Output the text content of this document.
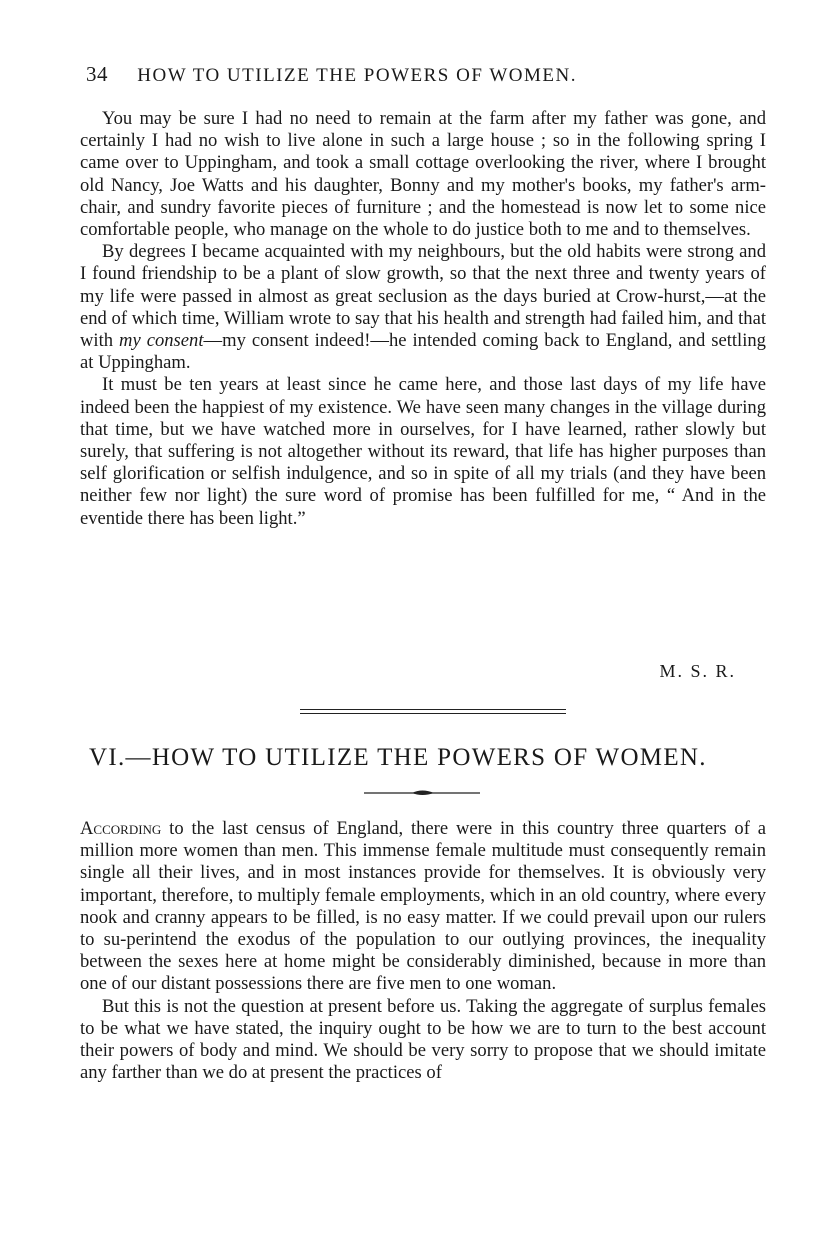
34 HOW TO UTILIZE THE POWERS OF WOMEN.

You may be sure I had no need to remain at the farm after my father was gone, and certainly I had no wish to live alone in such a large house ; so in the following spring I came over to Uppingham, and took a small cottage overlooking the river, where I brought old Nancy, Joe Watts and his daughter, Bonny and my mother's books, my father's arm-chair, and sundry favorite pieces of furniture ; and the homestead is now let to some nice comfortable people, who manage on the whole to do justice both to me and to themselves.

By degrees I became acquainted with my neighbours, but the old habits were strong and I found friendship to be a plant of slow growth, so that the next three and twenty years of my life were passed in almost as great seclusion as the days buried at Crow-hurst,—at the end of which time, William wrote to say that his health and strength had failed him, and that with my consent—my consent indeed!—he intended coming back to England, and settling at Uppingham.

It must be ten years at least since he came here, and those last days of my life have indeed been the happiest of my existence. We have seen many changes in the village during that time, but we have watched more in ourselves, for I have learned, rather slowly but surely, that suffering is not altogether without its reward, that life has higher purposes than self glorification or selfish indulgence, and so in spite of all my trials (and they have been neither few nor light) the sure word of promise has been fulfilled for me, “ And in the eventide there has been light.”

M. S. R.
VI.—HOW TO UTILIZE THE POWERS OF WOMEN.

According to the last census of England, there were in this country three quarters of a million more women than men. This immense female multitude must consequently remain single all their lives, and in most instances provide for themselves. It is obviously very important, therefore, to multiply female employments, which in an old country, where every nook and cranny appears to be filled, is no easy matter. If we could prevail upon our rulers to su-perintend the exodus of the population to our outlying provinces, the inequality between the sexes here at home might be considerably diminished, because in more than one of our distant possessions there are five men to one woman.

But this is not the question at present before us. Taking the aggregate of surplus females to be what we have stated, the inquiry ought to be how we are to turn to the best account their powers of body and mind. We should be very sorry to propose that we should imitate any farther than we do at present the practices of
